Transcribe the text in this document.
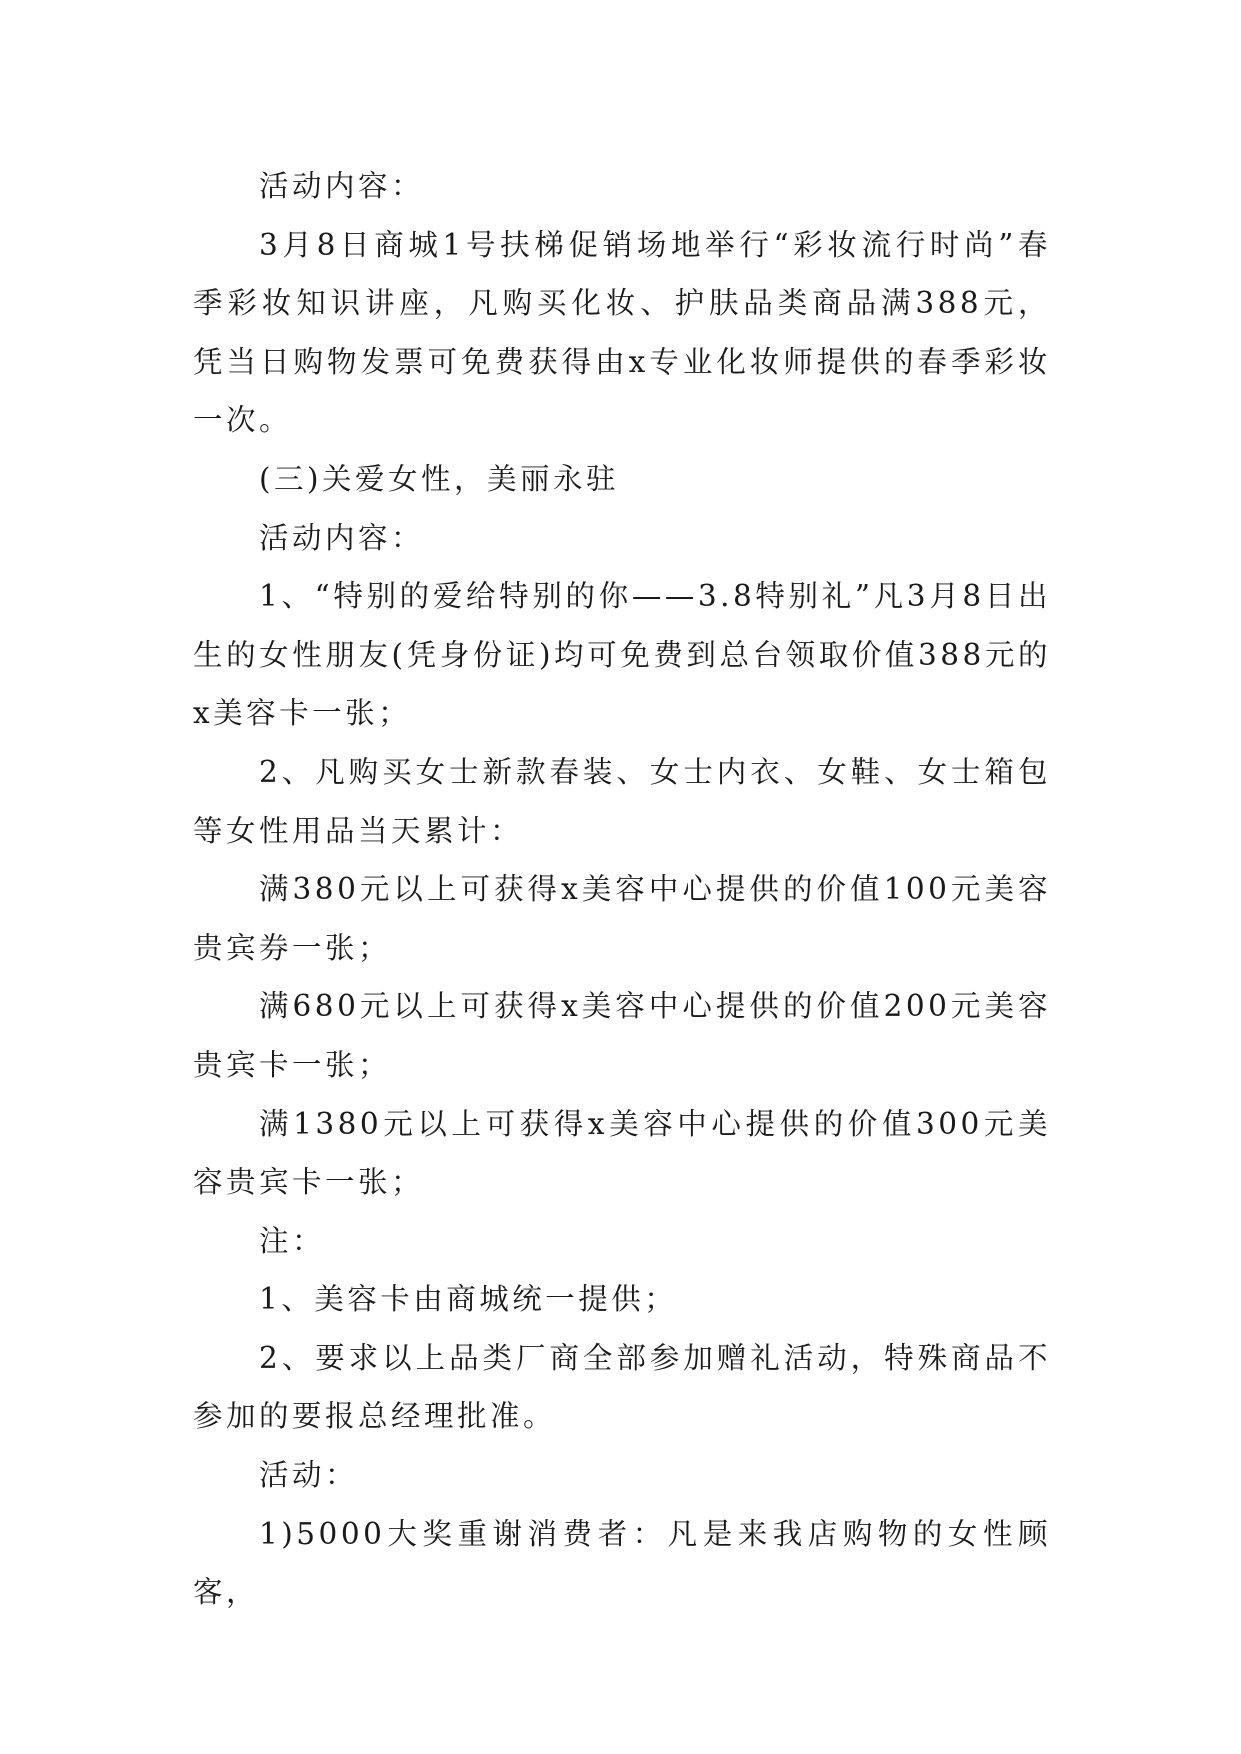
活动内容：

3月8日商城1号扶梯促销场地举行“彩妆流行时尚”春季彩妆知识讲座，凡购买化妆、护肤品类商品满388元，凭当日购物发票可免费获得由x专业化妆师提供的春季彩妆一次。

(三)关爱女性，美丽永驻

活动内容：

1、“特别的爱给特别的你——3.8特别礼”凡3月8日出生的女性朋友(凭身份证)均可免费到总台领取价值388元的x美容卡一张；

2、凡购买女士新款春装、女士内衣、女鞋、女士箱包等女性用品当天累计：

满380元以上可获得x美容中心提供的价值100元美容贵宾券一张；

满680元以上可获得x美容中心提供的价值200元美容贵宾卡一张；

满1380元以上可获得x美容中心提供的价值300元美容贵宾卡一张；

注：

1、美容卡由商城统一提供；

2、要求以上品类厂商全部参加赠礼活动，特殊商品不参加的要报总经理批准。

活动：

1)5000大奖重谢消费者：凡是来我店购物的女性顾客，
